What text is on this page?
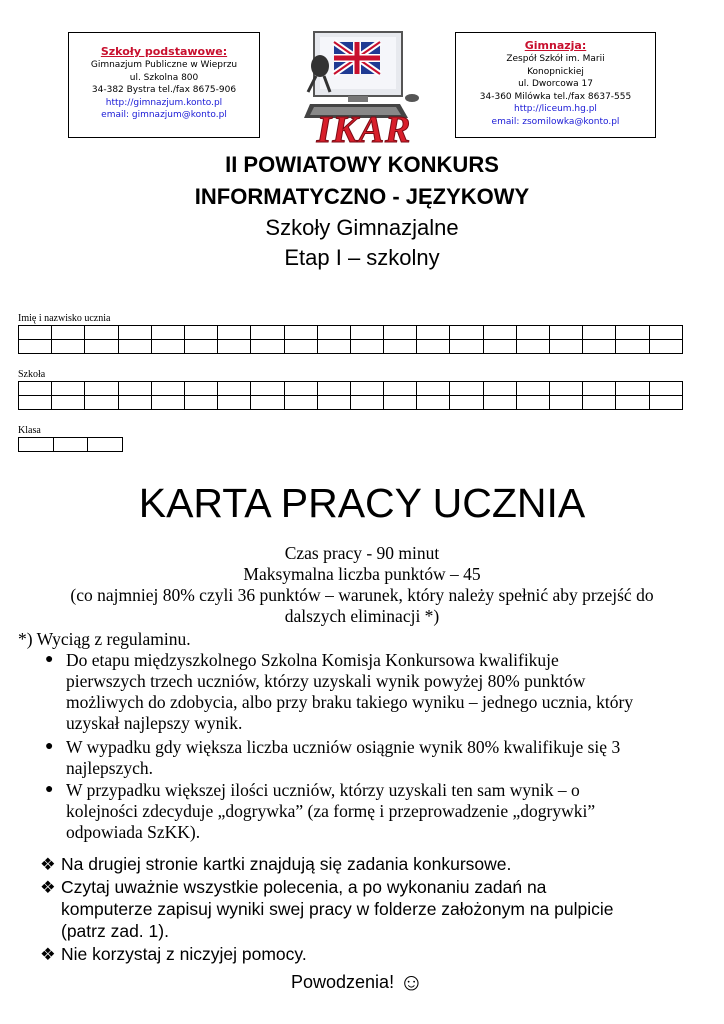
Szkoły podstawowe:
Gimnazjum Publiczne w Wieprzu
ul. Szkolna 800
34-382 Bystra tel./fax 8675-906
http://gimnazjum.konto.pl
email: gimnazjum@konto.pl	IKAR
Gimnazja:
Zespół Szkół im. Marii
Konopnickiej
ul. Dworcowa 17
34-360 Milówka tel./fax 8637-555
http://liceum.hg.pl
email: zsomilowka@konto.pl
II POWIATOWY KONKURS
INFORMATYCZNO - JĘZYKOWY
Szkoły Gimnazjalne
Etap I – szkolny
Imię i nazwisko ucznia
Szkoła
Klasa
KARTA PRACY UCZNIA
Czas pracy - 90 minut
Maksymalna liczba punktów – 45
(co najmniej 80% czyli 36 punktów – warunek, który należy spełnić aby przejść do
dalszych eliminacji *)
*) Wyciąg z regulaminu.
● Do etapu międzyszkolnego Szkolna Komisja Konkursowa kwalifikuje
pierwszych trzech uczniów, którzy uzyskali wynik powyżej 80% punktów
możliwych do zdobycia, albo przy braku takiego wyniku – jednego ucznia, który
uzyskał najlepszy wynik.
● W wypadku gdy większa liczba uczniów osiągnie wynik 80% kwalifikuje się 3
najlepszych.
● W przypadku większej ilości uczniów, którzy uzyskali ten sam wynik – o
kolejności zdecyduje „dogrywka” (za formę i przeprowadzenie „dogrywki”
odpowiada SzKK).
❖ Na drugiej stronie kartki znajdują się zadania konkursowe.
❖ Czytaj uważnie wszystkie polecenia, a po wykonaniu zadań na
komputerze zapisuj wyniki swej pracy w folderze założonym na pulpicie
(patrz zad. 1).
❖ Nie korzystaj z niczyjej pomocy.
Powodzenia! ☺
